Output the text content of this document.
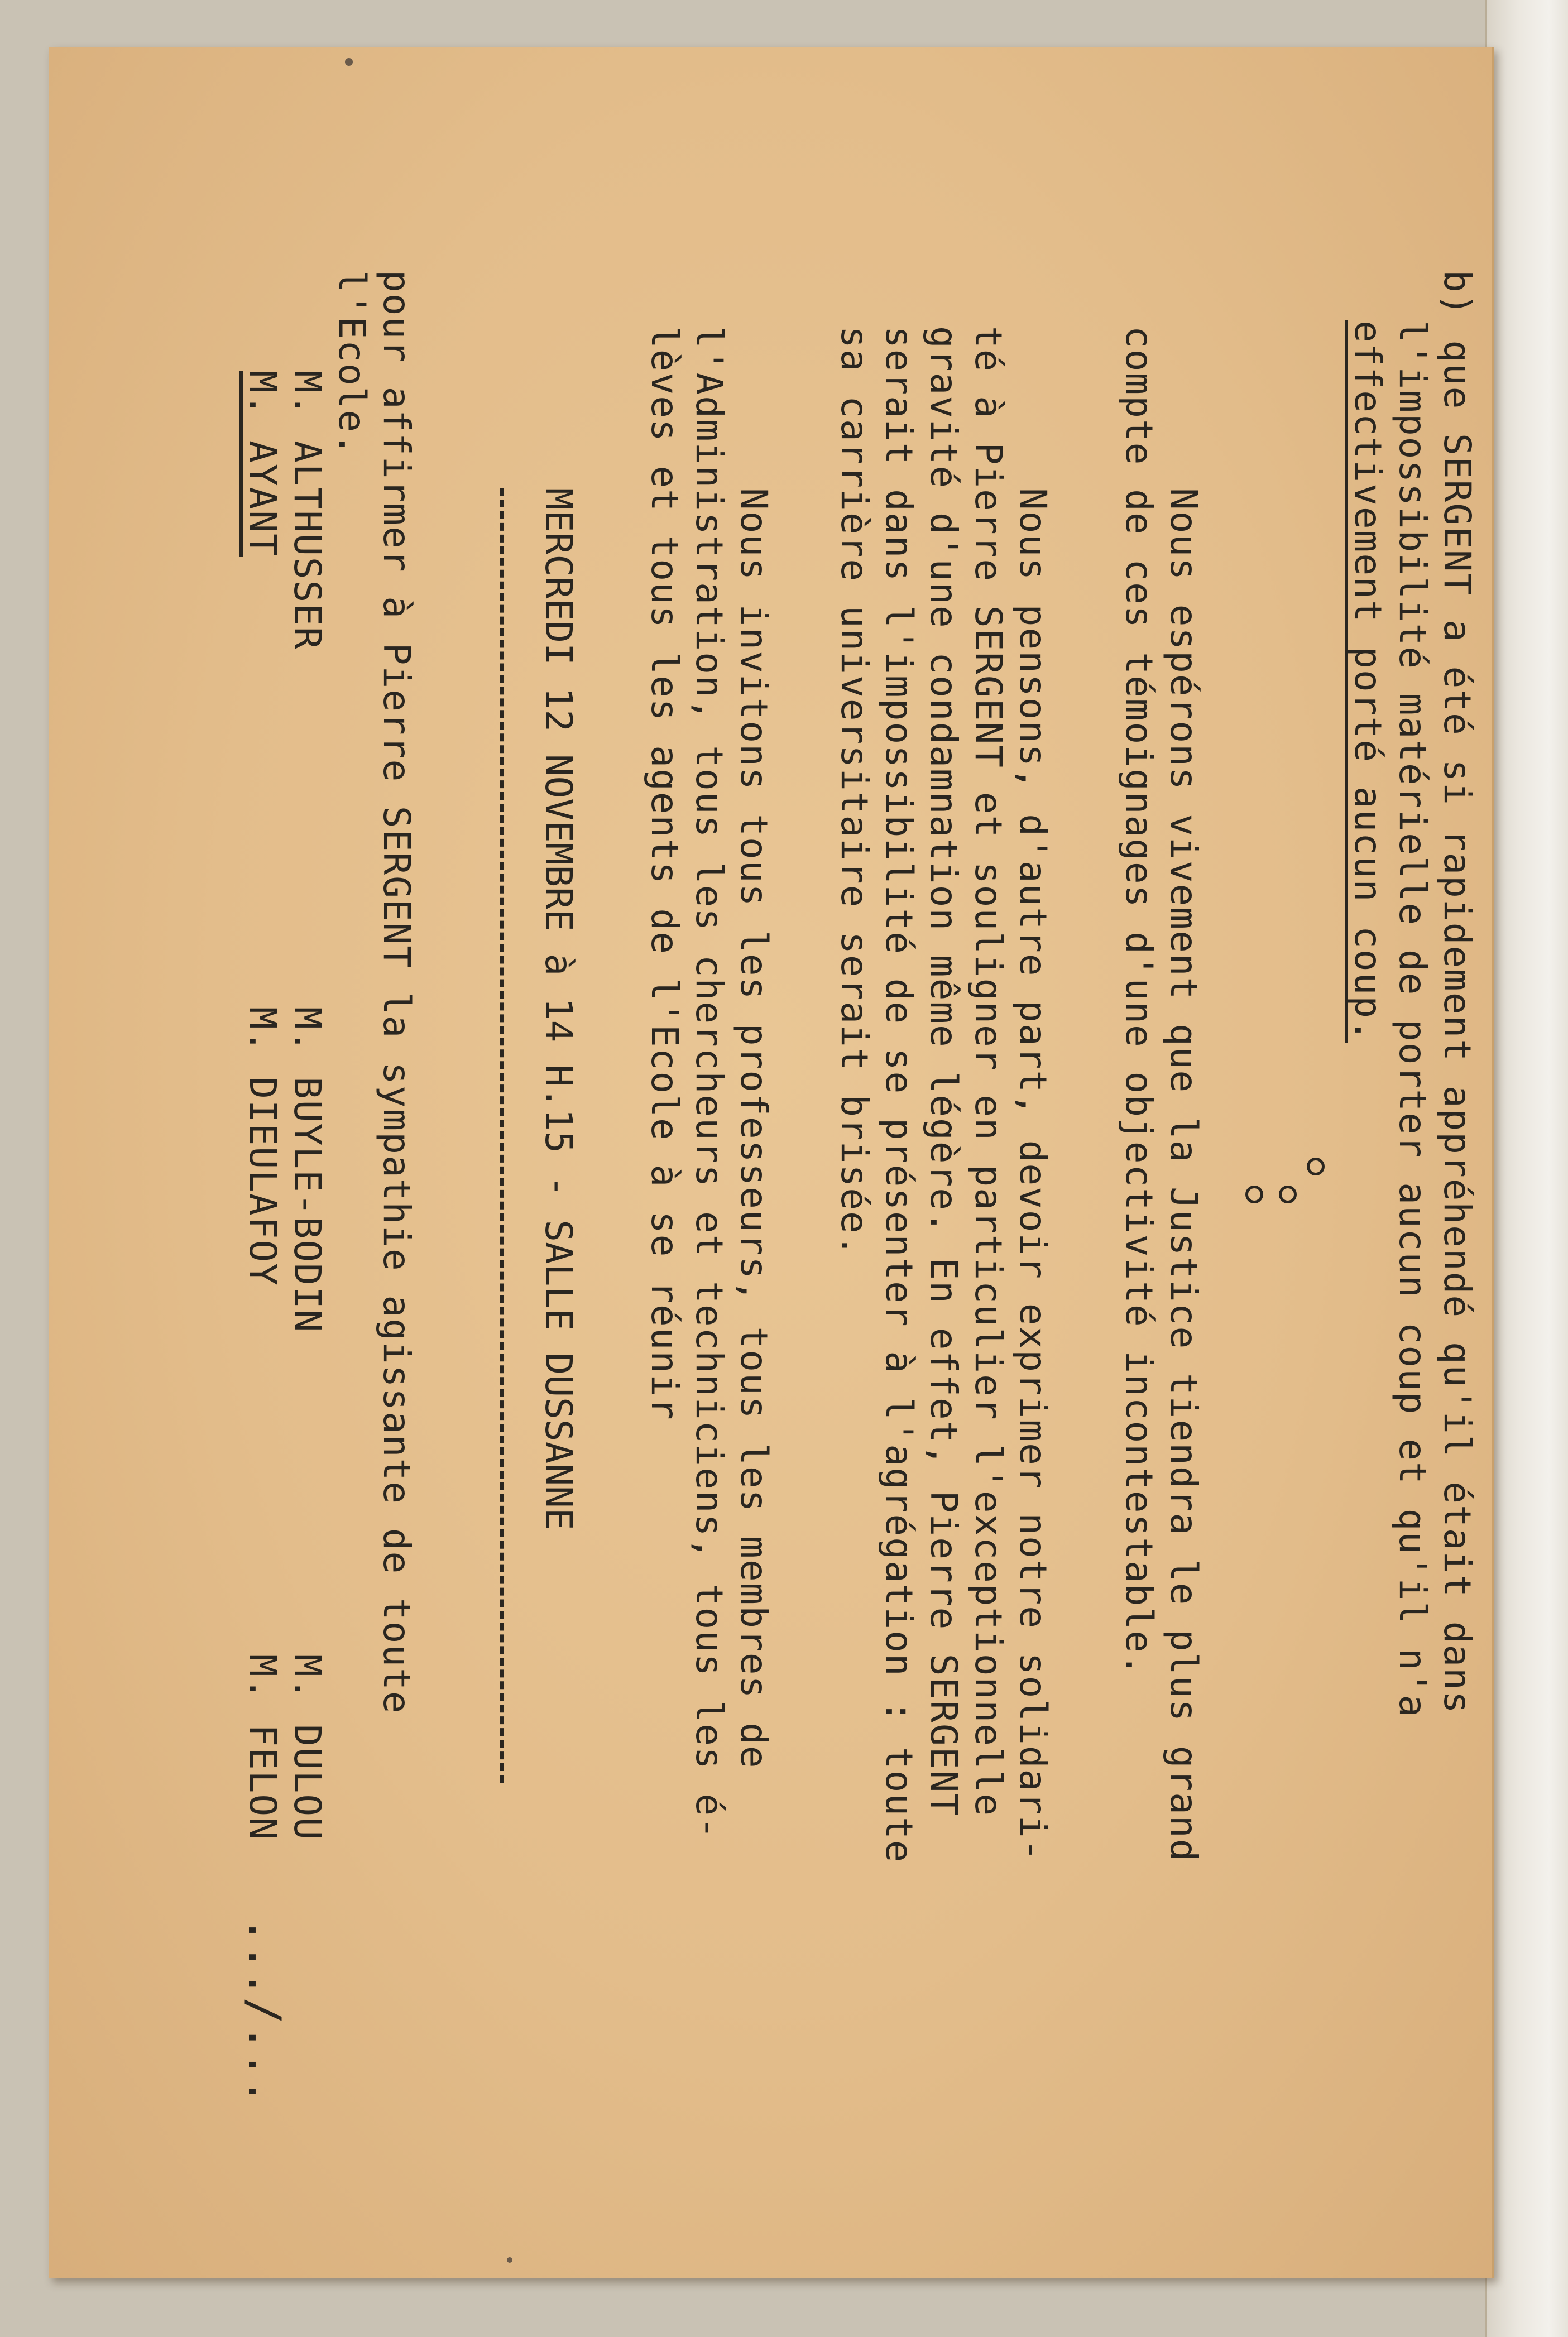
b) que SERGENT a été si rapidement appréhendé qu'il était dans
l'impossibilité matérielle de porter aucun coup et qu'il n'a
effectivement porté aucun coup.
Nous espérons vivement que la Justice tiendra le plus grand
compte de ces témoignages d'une objectivité incontestable.
Nous pensons, d'autre part, devoir exprimer notre solidari-
té à Pierre SERGENT et souligner en particulier l'exceptionnelle
gravité d'une condamnation même légère. En effet, Pierre SERGENT
serait dans l'impossibilité de se présenter à l'agrégation : toute
sa carrière universitaire serait brisée.
Nous invitons tous les professeurs, tous les membres de
l'Administration, tous les chercheurs et techniciens, tous les é-
lèves et tous les agents de l'Ecole à se réunir
MERCREDI 12 NOVEMBRE à 14 H.15 - SALLE DUSSANNE
pour affirmer à Pierre SERGENT la sympathie agissante de toute
l'Ecole.
M. ALTHUSSER
M. BUYLE-BODIN
M. DULOU
M. AYANT
M. DIEULAFOY
M. FELON
.../...
